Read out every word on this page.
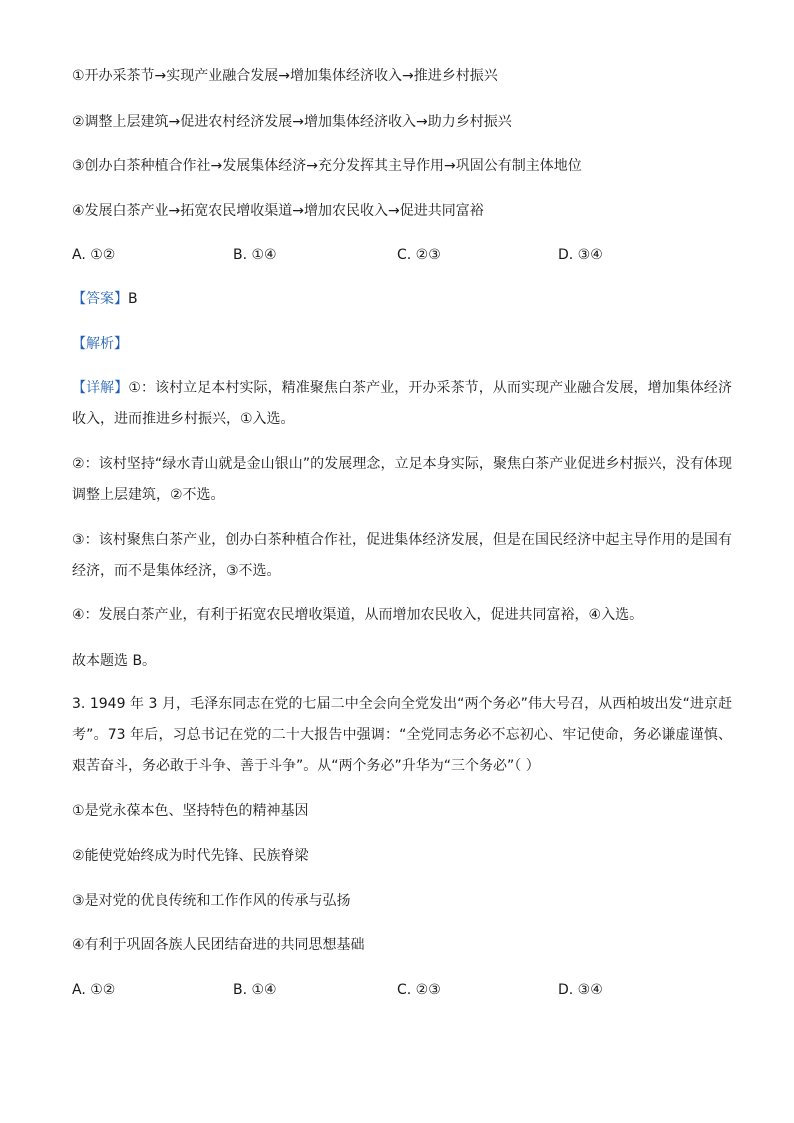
①开办采茶节→实现产业融合发展→增加集体经济收入→推进乡村振兴
②调整上层建筑→促进农村经济发展→增加集体经济收入→助力乡村振兴
③创办白茶种植合作社→发展集体经济→充分发挥其主导作用→巩固公有制主体地位
④发展白茶产业→拓宽农民增收渠道→增加农民收入→促进共同富裕
A. ①②	B. ①④	C. ②③	D. ③④
【答案】B
【解析】
【详解】①：该村立足本村实际，精准聚焦白茶产业，开办采茶节，从而实现产业融合发展，增加集体经济收入，进而推进乡村振兴，①入选。
②：该村坚持“绿水青山就是金山银山”的发展理念，立足本身实际，聚焦白茶产业促进乡村振兴，没有体现调整上层建筑，②不选。
③：该村聚焦白茶产业，创办白茶种植合作社，促进集体经济发展，但是在国民经济中起主导作用的是国有经济，而不是集体经济，③不选。
④：发展白茶产业，有利于拓宽农民增收渠道，从而增加农民收入，促进共同富裕，④入选。
故本题选 B。
3. 1949 年 3 月，毛泽东同志在党的七届二中全会向全党发出“两个务必”伟大号召，从西柏坡出发“进京赶考”。73 年后，习总书记在党的二十大报告中强调：“全党同志务必不忘初心、牢记使命，务必谦虚谨慎、艰苦奋斗，务必敢于斗争、善于斗争”。从“两个务必”升华为“三个务必”（ ）
①是党永葆本色、坚持特色的精神基因
②能使党始终成为时代先锋、民族脊梁
③是对党的优良传统和工作作风的传承与弘扬
④有利于巩固各族人民团结奋进的共同思想基础
A. ①②	B. ①④	C. ②③	D. ③④
